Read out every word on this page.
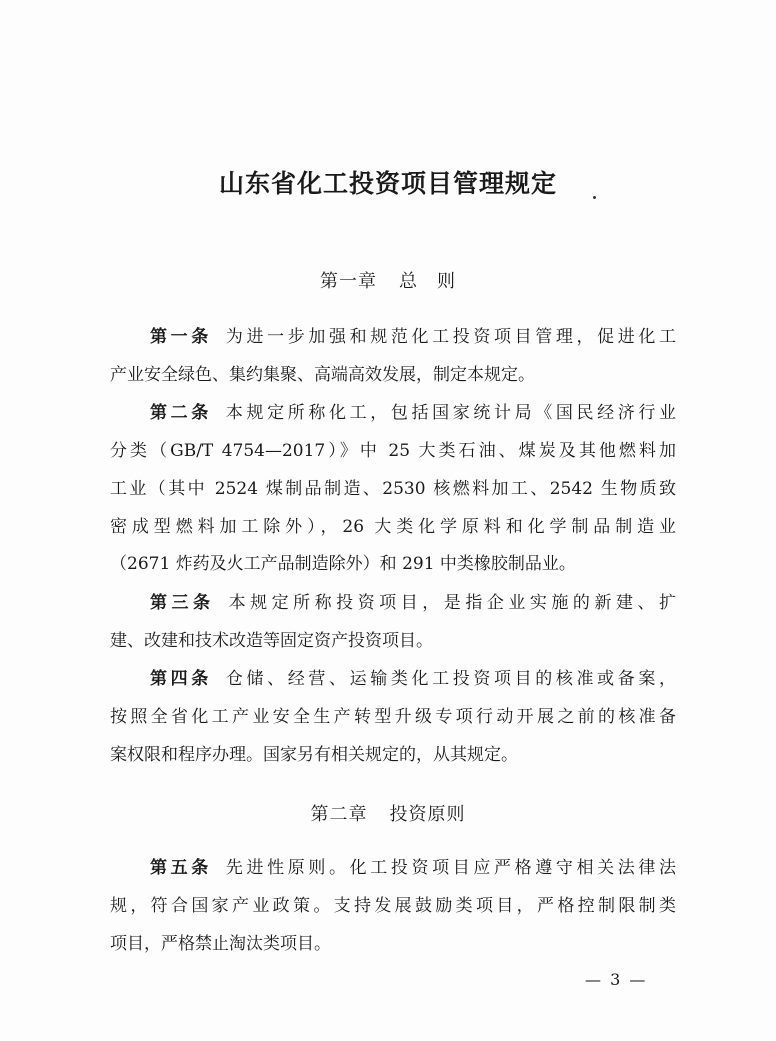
山东省化工投资项目管理规定
第一章 总　则
第一条 为进一步加强和规范化工投资项目管理，促进化工
产业安全绿色、集约集聚、高端高效发展，制定本规定。
第二条 本规定所称化工，包括国家统计局《国民经济行业
分类（GB/T 4754—2017）》中 25 大类石油、煤炭及其他燃料加
工业（其中 2524 煤制品制造、2530 核燃料加工、2542 生物质致
密成型燃料加工除外），26 大类化学原料和化学制品制造业
（2671 炸药及火工产品制造除外）和 291 中类橡胶制品业。
第三条 本规定所称投资项目，是指企业实施的新建、扩
建、改建和技术改造等固定资产投资项目。
第四条 仓储、经营、运输类化工投资项目的核准或备案，
按照全省化工产业安全生产转型升级专项行动开展之前的核准备
案权限和程序办理。国家另有相关规定的，从其规定。
第二章 投资原则
第五条 先进性原则。化工投资项目应严格遵守相关法律法
规，符合国家产业政策。支持发展鼓励类项目，严格控制限制类
项目，严格禁止淘汰类项目。
— 3 —
